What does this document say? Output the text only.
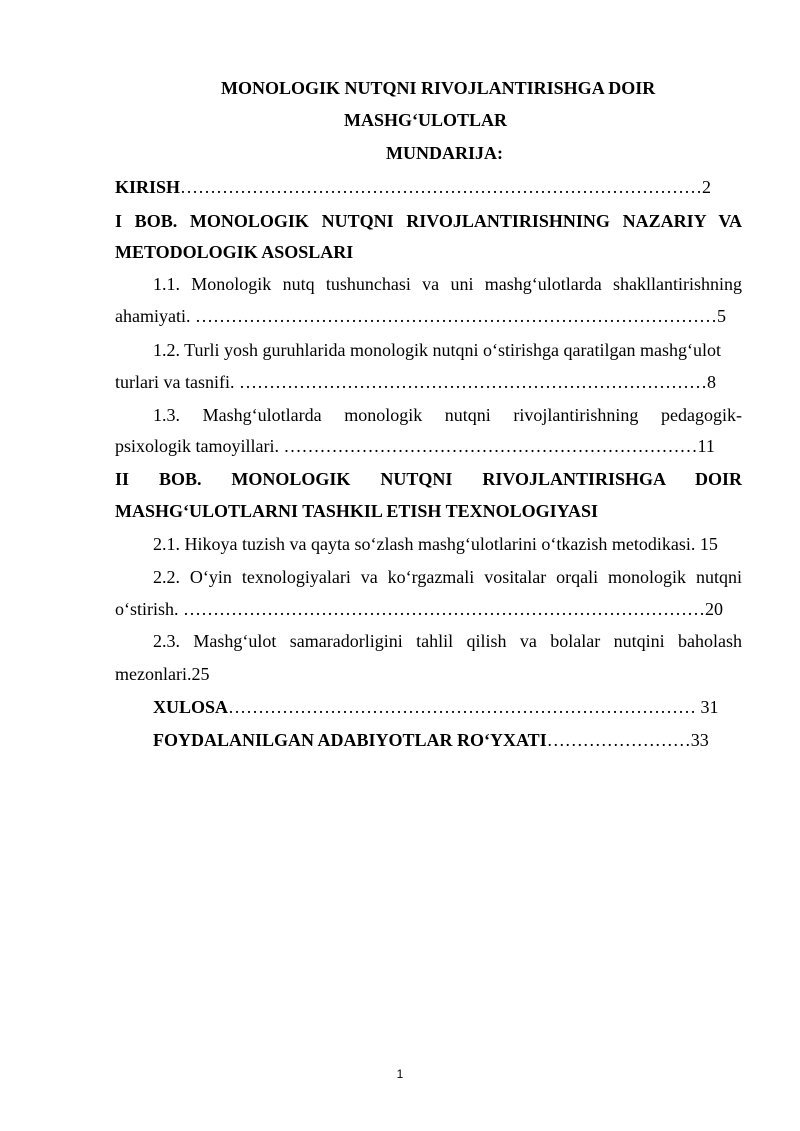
MONOLOGIK NUTQNI RIVOJLANTIRISHGA DOIR
MASHG‘ULOTLAR
MUNDARIJA:
KIRISH……………………………………………………………………………2
I BOB. MONOLOGIK NUTQNI RIVOJLANTIRISHNING NAZARIY VA
METODOLOGIK ASOSLARI
1.1. Monologik nutq tushunchasi va uni mashg‘ulotlarda shakllantirishning
ahamiyati. ……………………………………………………………………………5
1.2. Turli yosh guruhlarida monologik nutqni o‘stirishga qaratilgan mashg‘ulot
turlari va tasnifi. ……………………………………………………………………8
1.3. Mashg‘ulotlarda monologik nutqni rivojlantirishning pedagogik-
psixologik tamoyillari. ……………………………………………………………11
II BOB. MONOLOGIK NUTQNI RIVOJLANTIRISHGA DOIR
MASHG‘ULOTLARNI TASHKIL ETISH TEXNOLOGIYASI
2.1. Hikoya tuzish va qayta so‘zlash mashg‘ulotlarini o‘tkazish metodikasi. 15
2.2. O‘yin texnologiyalari va ko‘rgazmali vositalar orqali monologik nutqni
o‘stirish. ……………………………………………………………………………20
2.3. Mashg‘ulot samaradorligini tahlil qilish va bolalar nutqini baholash
mezonlari.25
XULOSA…………………………………………………………………… 31
FOYDALANILGAN ADABIYOTLAR RO‘YXATI……………………33
1
